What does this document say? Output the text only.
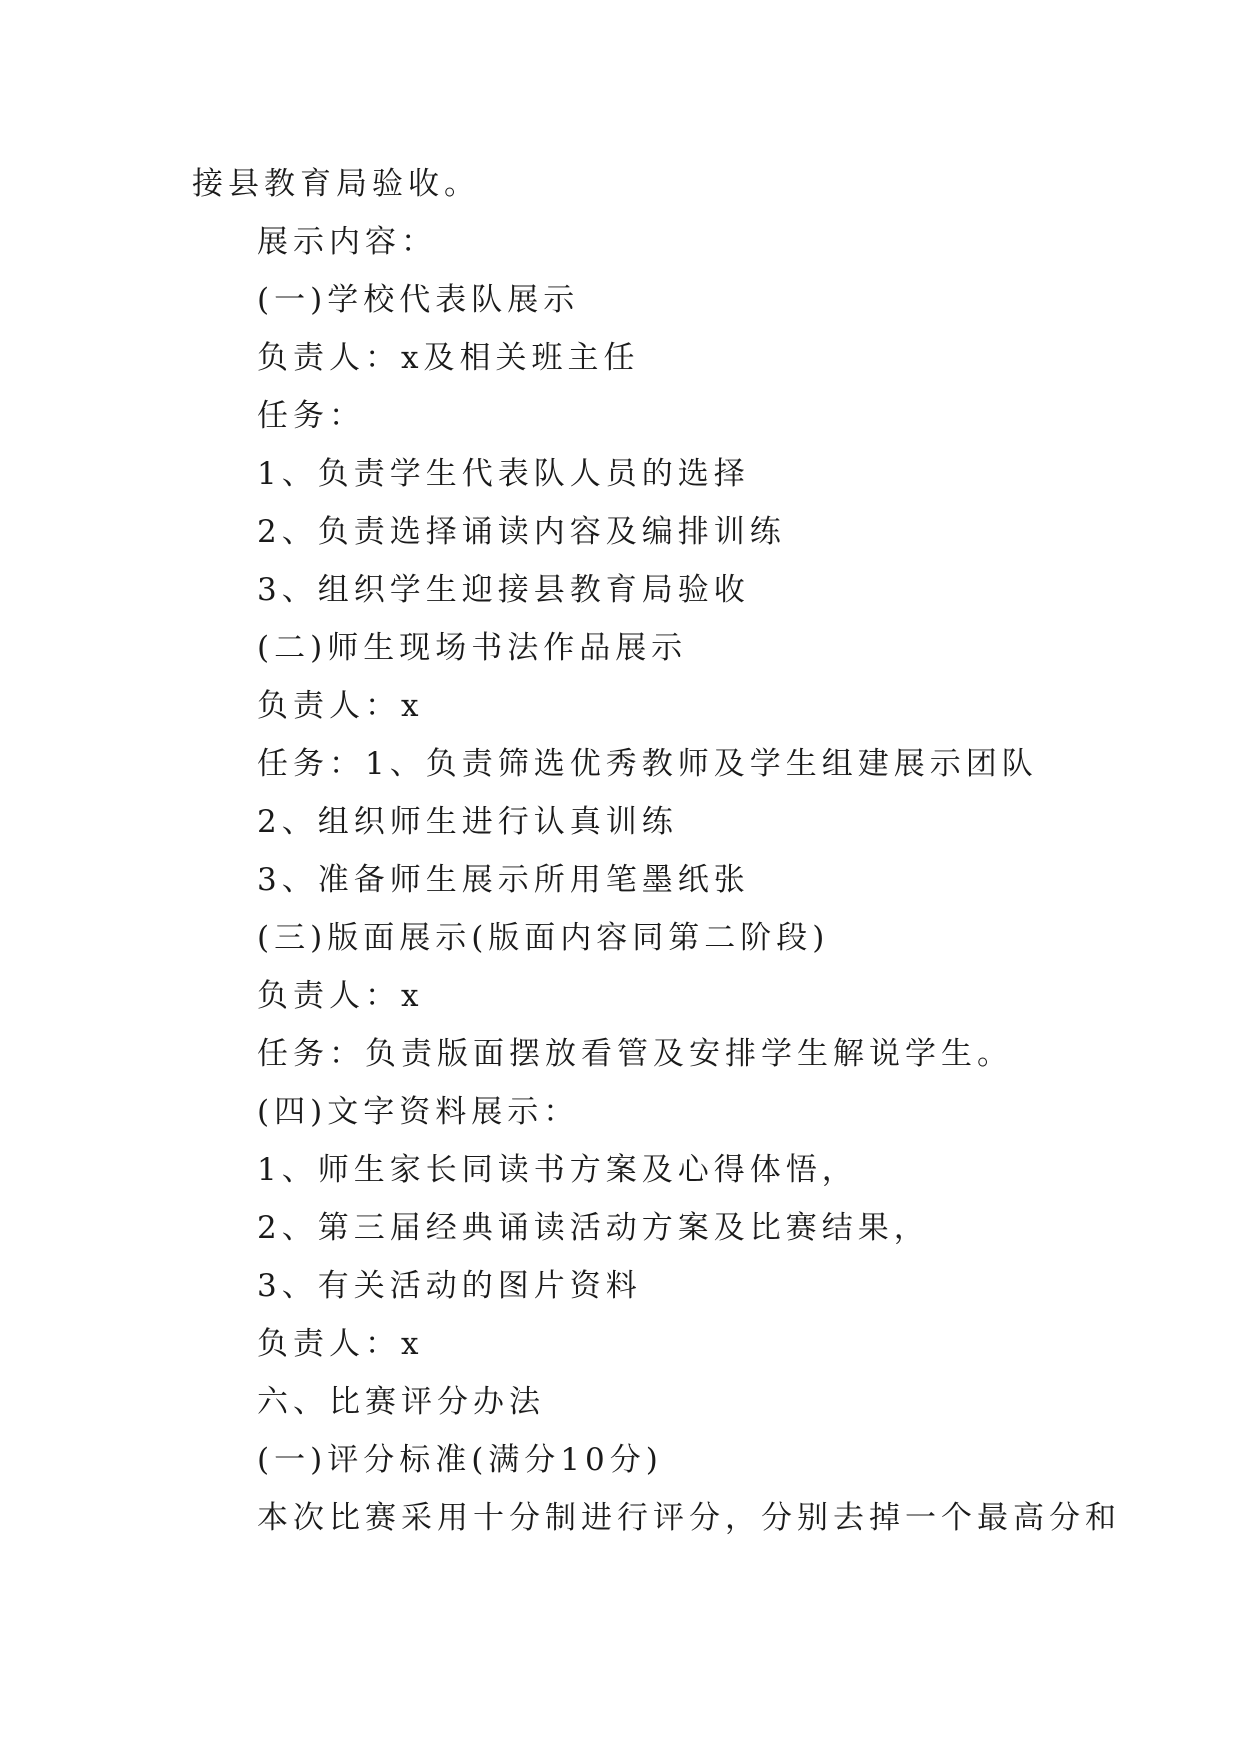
接县教育局验收。
展示内容：
(一)学校代表队展示
负责人：x及相关班主任
任务：
1、负责学生代表队人员的选择
2、负责选择诵读内容及编排训练
3、组织学生迎接县教育局验收
(二)师生现场书法作品展示
负责人：x
任务：1、负责筛选优秀教师及学生组建展示团队
2、组织师生进行认真训练
3、准备师生展示所用笔墨纸张
(三)版面展示(版面内容同第二阶段)
负责人：x
任务：负责版面摆放看管及安排学生解说学生。
(四)文字资料展示：
1、师生家长同读书方案及心得体悟，
2、第三届经典诵读活动方案及比赛结果，
3、有关活动的图片资料
负责人：x
六、比赛评分办法
(一)评分标准(满分10分)
本次比赛采用十分制进行评分，分别去掉一个最高分和
